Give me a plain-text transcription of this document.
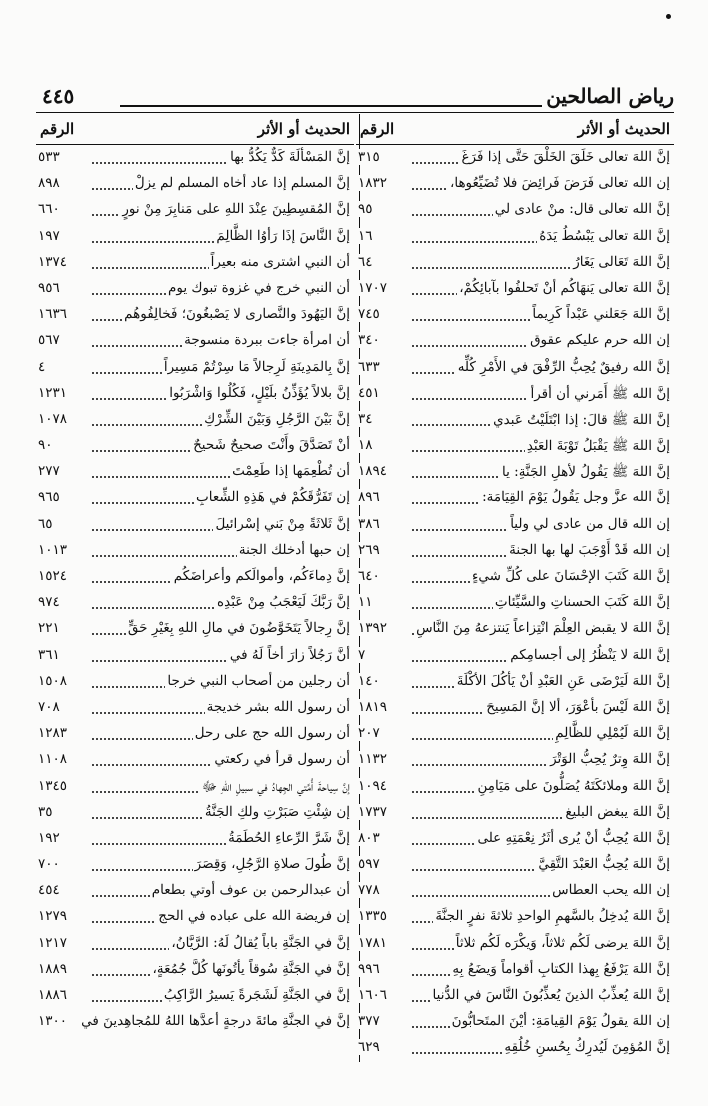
رياض الصالحين
٤٤٥
الحديث أو الأثر
الرقم
إنَّ اللهَ تعالى خَلَقَ الخَلْقَ حَتَّى إذا فَرَغَ
٣١٥
إن الله تعالى فَرَضَ فَرائِضَ فلا تُضَيِّعُوها،
١٨٣٢
إنَّ الله تعالى قال: منْ عادى لي
٩٥
إنَّ اللهَ تعالى يَبْسُطُ يَدَهُ
١٦
إنَّ اللهَ تَعَالى يَغَارُ
٦٤
إنَّ اللهَ تعالى يَنهَاكُم أنْ تَحلفُوا بآبائِكُمْ،
١٧٠٧
إنَّ اللهَ جَعَلني عَبْداً كَرِيماً
٧٤٥
إن الله حرم عليكم عقوق
٣٤٠
إنَّ الله رفيقٌ يُحِبُّ الرِّفْقَ في الأَمْرِ كُلِّه
٦٣٣
إنَّ الله ﷺ أَمَرني أن أقرأ
٤٥١
إنَّ اللهَ ﷺ قالَ: إذا ابْتَلَيْتُ عَبدي
٣٤
إنَّ اللهَ ﷺ يَقْبَلُ تَوْبَةَ العَبْدِ
١٨
إنَّ اللهَ ﷺ يَقُولُ لأهلِ الجَنَّةِ: يا
١٨٩٤
إنَّ الله عزَّ وجل يَقُولُ يَوْمَ القِيَامَة:
٨٩٦
إن الله قال من عادى لي ولياً
٣٨٦
إن الله قَدْ أَوْجَبَ لها بها الجنةَ
٢٦٩
إنَّ اللهَ كَتَبَ الإحْسَانَ على كُلِّ شيءٍ
٦٤٠
إنَّ اللهَ كَتَبَ الحسناتِ والسَّيِّئاتِ
١١
إنَّ اللهَ لا يقبض العِلْمَ انْتِزاعاً يَنتزعهُ مِنَ النَّاسِ
١٣٩٢
إنَّ اللهَ لا يَنْظُرُ إلى أجسامِكم
٧
إنَّ اللهَ لَيَرْضَى عَنِ العَبْدِ أنْ يَأكُلَ الأكْلَةَ
١٤٠
إنَّ اللهَ لَيْسَ بأعْوَرَ، ألا إنَّ المَسِيحَ
١٨١٩
إنَّ اللهَ لَيُمْلِي للظَّالِمِ
٢٠٧
إنَّ اللهَ وِترٌ يُحِبُّ الوَتْرَ
١١٣٢
إنَّ اللهَ وملائكَتَهُ يُصَلُّونَ على مَيَامِنِ
١٠٩٤
إنَّ اللهَ يبغض البليغ
١٧٣٧
إنَّ اللهَ يُحِبُّ أنْ يُرى أثَرُ نِعْمَتِهِ على
٨٠٣
إنَّ اللهَ يُحِبُّ العَبْدَ التَّقِيَّ
٥٩٧
إن الله يحب العطاس
٧٧٨
إنَّ اللهَ يُدخِلُ بالسَّهمِ الواحدِ ثلاثةَ نفرٍ الجنَّةَ
١٣٣٥
إنَّ اللهَ يرضى لَكُم ثلاثاً، وَيكْرَه لَكُم ثلاثاً
١٧٨١
إنَّ اللهَ يَرْفَعُ بِهذا الكتابِ أقواماً وَيضَعُ بِهِ
٩٩٦
إنَّ اللهَ يُعذِّبُ الذينَ يُعذِّبُونَ النَّاسَ في الدُّنيا
١٦٠٦
إن اللهَ يقولُ يَوْمَ القِيامَةِ: أيْنَ المتَحابُّونَ
٣٧٧
إنَّ المُؤمِنَ لَيُدرِكُ بِحُسنِ خُلُقِهِ
٦٢٩
الحديث أو الأثر
الرقم
إنَّ المَسْألَةَ كَدٌّ يَكُدُّ بها
٥٣٣
إنَّ المسلم إذا عاد أخاه المسلم لم يزلْ
٨٩٨
إنَّ المُقسِطِينَ عِنْدَ اللهِ على مَنابِرَ مِنْ نورٍ
٦٦٠
إنَّ النَّاسَ إذَا رَأوُا الظَّالِمَ
١٩٧
أن النبي اشترى منه بعيراً
١٣٧٤
أن النبي خرج في غزوة تبوك يوم
٩٥٦
إنَّ اليَهُودَ والنَّصارى لا يَصْبغُونَ؛ فَخالِفُوهُم
١٦٣٦
أن امرأة جاءت ببردة منسوجة
٥٦٧
إنَّ بِالمَدِينَةِ لَرِجالاً مَا سِرْتُمْ مَسِيراً
٤
إنَّ بلالاً يُؤَذِّنُ بلَيْلٍ، فَكُلُوا وَاشْرَبُوا
١٢٣١
إنَّ بَيْنَ الرَّجُلِ وَبَيْنَ الشِّرْكِ
١٠٧٨
أنْ تَصَدَّقَ وأَنْتَ صحيحٌ شَحيحٌ
٩٠
أن تُطْعِمَها إذا طَعِمْتَ
٢٧٧
إن تَفَرُّقَكُمْ في هَذِهِ الشِّعابِ
٩٦٥
إنَّ ثَلاثَةً مِنْ بَني إسْرائيلَ
٦٥
إن حبها أدخلك الجنة
١٠١٣
إنَّ دِماءَكُم، وأموالَكم وأعراضَكُم
١٥٢٤
إنَّ رَبَّكَ لَيَعْجَبُ مِنْ عَبْدِه
٩٧٤
إنَّ رِجالاً يَتَخَوَّضُونَ في مالِ اللهِ بِغَيْرِ حَقٍّ
٢٢١
أنَّ رَجُلاً زارَ أخاً لَهُ في
٣٦١
أن رجلين من أصحاب النبي خرجا
١٥٠٨
أن رسول الله بشر خديجة
٧٠٨
أن رسول الله حج على رحل
١٢٨٣
أن رسول قرأ في ركعتي
١١٠٨
إنَّ سِياحةَ أُمَّتي الجِهادُ في سبيلِ اللهِ ﷻ
١٣٤٥
إن شِئْتِ صَبَرْتِ ولكِ الجَنَّةُ
٣٥
إنَّ شَرَّ الرِّعاءِ الحُطَمَةُ
١٩٢
إنَّ طُولَ صلاةِ الرَّجُلِ، وَقِصَرَ
٧٠٠
أن عبدالرحمن بن عوف أوتي بطعام
٤٥٤
إن فريضة الله على عباده في الحج
١٢٧٩
إنَّ في الجَنَّةِ باباً يُقالُ لَهُ: الرَّيَّانُ،
١٢١٧
إنَّ في الجَنَّةِ سُوقاً يأتُونَها كُلَّ جُمُعَةٍ،
١٨٨٩
إنَّ في الجَنَّةِ لَشَجَرةً يَسيرُ الرَّاكِبُ
١٨٨٦
إنَّ في الجنَّةِ مائةَ درجةٍ أعدَّها اللهُ للمُجاهِدينَ في
١٣٠٠
